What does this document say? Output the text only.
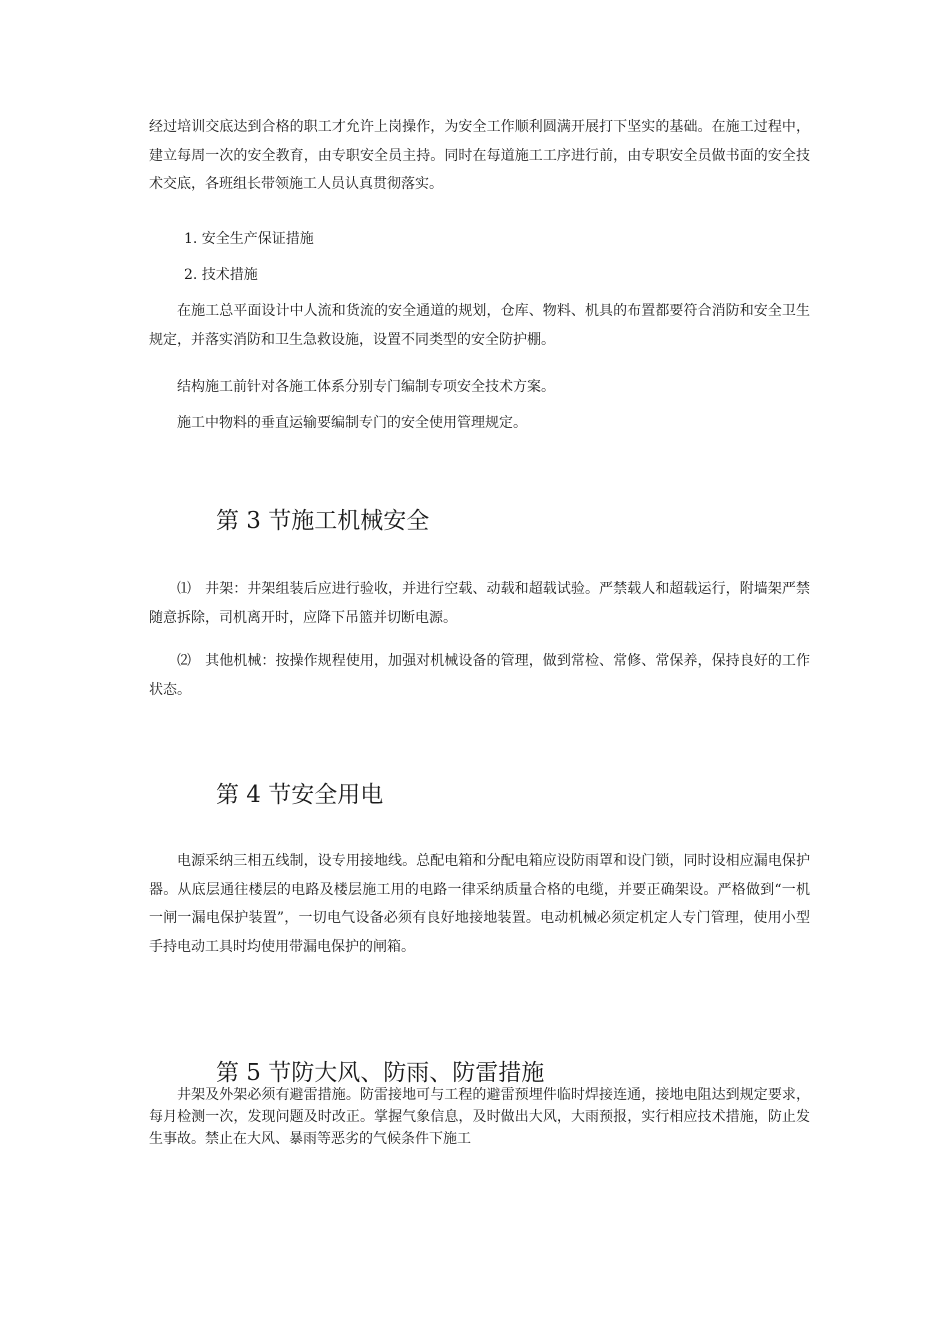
经过培训交底达到合格的职工才允许上岗操作，为安全工作顺利圆满开展打下坚实的基础。在施工过程中，建立每周一次的安全教育，由专职安全员主持。同时在每道施工工序进行前，由专职安全员做书面的安全技术交底，各班组长带领施工人员认真贯彻落实。

1. 安全生产保证措施

2. 技术措施

在施工总平面设计中人流和货流的安全通道的规划，仓库、物料、机具的布置都要符合消防和安全卫生规定，并落实消防和卫生急救设施，设置不同类型的安全防护棚。

结构施工前针对各施工体系分别专门编制专项安全技术方案。

施工中物料的垂直运输要编制专门的安全使用管理规定。

第 3 节施工机械安全

⑴　井架：井架组装后应进行验收，并进行空载、动载和超载试验。严禁载人和超载运行，附墙架严禁随意拆除，司机离开时，应降下吊篮并切断电源。

⑵　其他机械：按操作规程使用，加强对机械设备的管理，做到常检、常修、常保养，保持良好的工作状态。

第 4 节安全用电

电源采纳三相五线制，设专用接地线。总配电箱和分配电箱应设防雨罩和设门锁，同时设相应漏电保护器。从底层通往楼层的电路及楼层施工用的电路一律采纳质量合格的电缆，并要正确架设。严格做到“一机一闸一漏电保护装置”，一切电气设备必须有良好地接地装置。电动机械必须定机定人专门管理，使用小型手持电动工具时均使用带漏电保护的闸箱。

第 5 节防大风、防雨、防雷措施

井架及外架必须有避雷措施。防雷接地可与工程的避雷预埋件临时焊接连通，接地电阻达到规定要求，每月检测一次，发现问题及时改正。掌握气象信息，及时做出大风，大雨预报，实行相应技术措施，防止发生事故。禁止在大风、暴雨等恶劣的气候条件下施工
